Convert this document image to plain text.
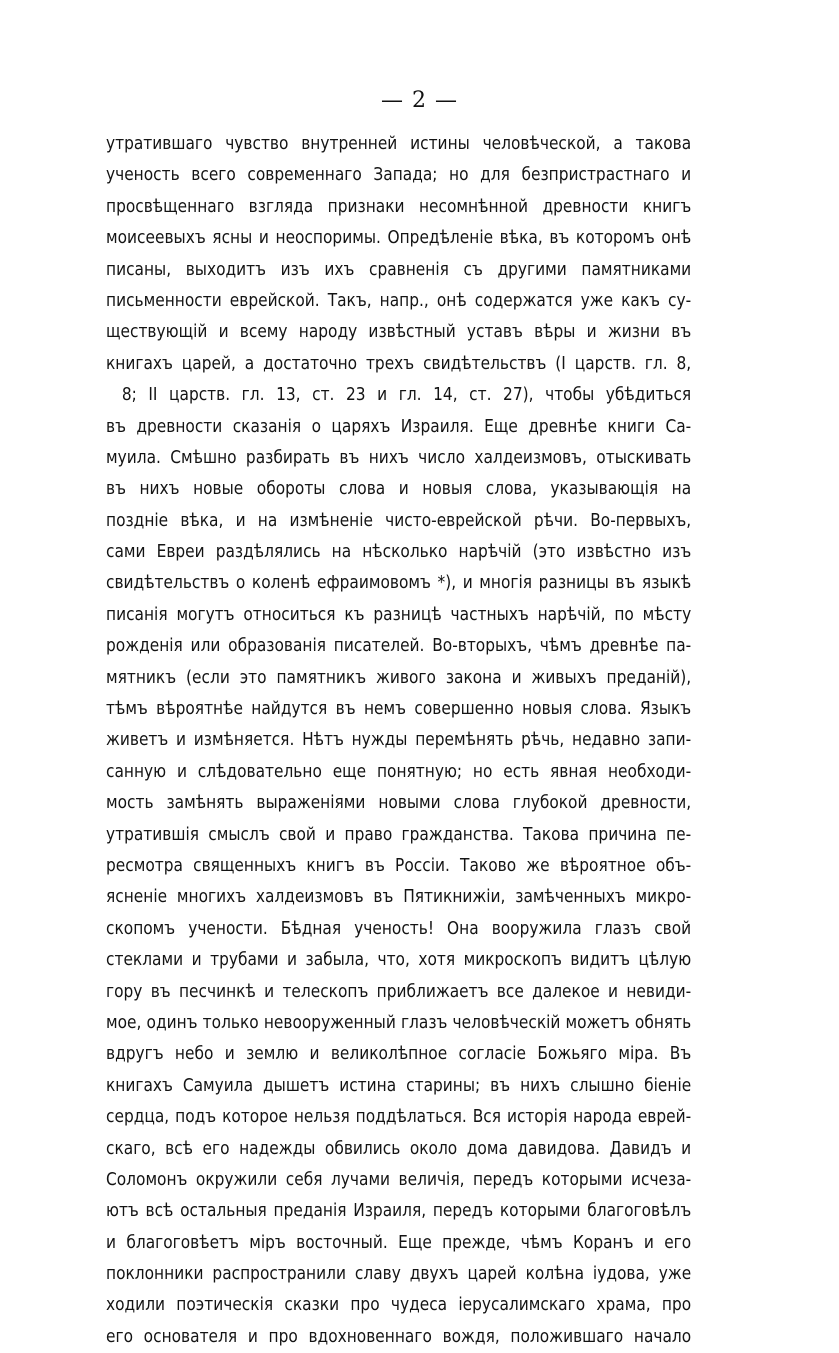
— 2 —
утратившаго чувство внутренней истины человѣческой, а такова
ученость всего современнаго Запада; но для безпристрастнаго и
просвѣщеннаго взгляда признаки несомнѣнной древности книгъ
моисеевыхъ ясны и неоспоримы. Опредѣленіе вѣка, въ которомъ онѣ
писаны, выходитъ изъ ихъ сравненія съ другими памятниками
письменности еврейской. Такъ, напр., онѣ содержатся уже какъ су-
ществующій и всему народу извѣстный уставъ вѣры и жизни въ
книгахъ царей, а достаточно трехъ свидѣтельствъ (I царств. гл. 8,
8; II царств. гл. 13, ст. 23 и гл. 14, ст. 27), чтобы убѣдиться
въ древности сказанія о царяхъ Израиля. Еще древнѣе книги Са-
муила. Смѣшно разбирать въ нихъ число халдеизмовъ, отыскивать
въ нихъ новые обороты слова и новыя слова, указывающія на
поздніе вѣка, и на измѣненіе чисто-еврейской рѣчи. Во-первыхъ,
сами Евреи раздѣлялись на нѣсколько нарѣчій (это извѣстно изъ
свидѣтельствъ о коленѣ ефраимовомъ *), и многія разницы въ языкѣ
писанія могутъ относиться къ разницѣ частныхъ нарѣчій, по мѣсту
рожденія или образованія писателей. Во-вторыхъ, чѣмъ древнѣе па-
мятникъ (если это памятникъ живого закона и живыхъ преданій),
тѣмъ вѣроятнѣе найдутся въ немъ совершенно новыя слова. Языкъ
живетъ и измѣняется. Нѣтъ нужды перемѣнять рѣчь, недавно запи-
санную и слѣдовательно еще понятную; но есть явная необходи-
мость замѣнять выраженіями новыми слова глубокой древности,
утратившія смыслъ свой и право гражданства. Такова причина пе-
ресмотра священныхъ книгъ въ Россіи. Таково же вѣроятное объ-
ясненіе многихъ халдеизмовъ въ Пятикнижіи, замѣченныхъ микро-
скопомъ учености. Бѣдная ученость! Она вооружила глазъ свой
стеклами и трубами и забыла, что, хотя микроскопъ видитъ цѣлую
гору въ песчинкѣ и телескопъ приближаетъ все далекое и невиди-
мое, одинъ только невооруженный глазъ человѣческій можетъ обнять
вдругъ небо и землю и великолѣпное согласіе Божьяго міра. Въ
книгахъ Самуила дышетъ истина старины; въ нихъ слышно біеніе
сердца, подъ которое нельзя поддѣлаться. Вся исторія народа еврей-
скаго, всѣ его надежды обвились около дома давидова. Давидъ и
Соломонъ окружили себя лучами величія, передъ которыми исчеза-
ютъ всѣ остальныя преданія Израиля, передъ которыми благоговѣлъ
и благоговѣетъ міръ восточный. Еще прежде, чѣмъ Коранъ и его
поклонники распространили славу двухъ царей колѣна іудова, уже
ходили поэтическія сказки про чудеса іерусалимскаго храма, про
его основателя и про вдохновеннаго вождя, положившаго начало
